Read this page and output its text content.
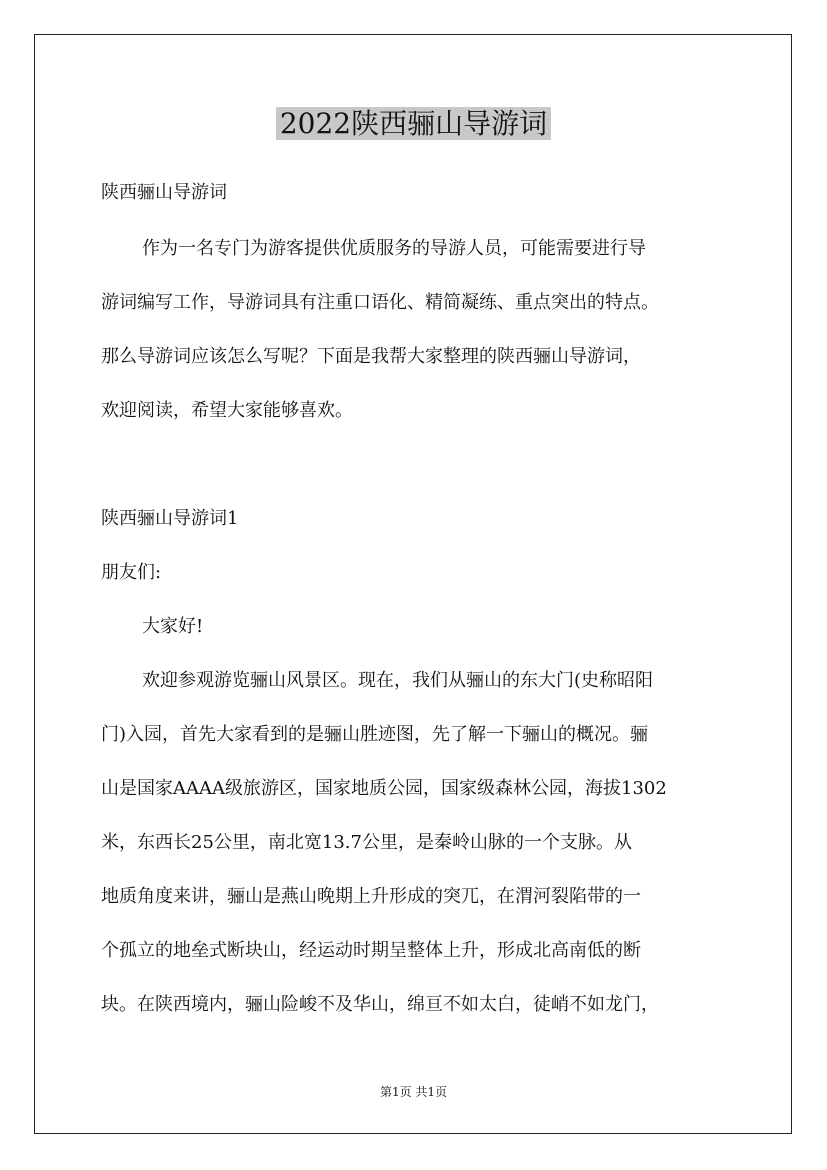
2022陕西骊山导游词
陕西骊山导游词
作为一名专门为游客提供优质服务的导游人员，可能需要进行导
游词编写工作，导游词具有注重口语化、精简凝练、重点突出的特点。
那么导游词应该怎么写呢？下面是我帮大家整理的陕西骊山导游词，
欢迎阅读，希望大家能够喜欢。
陕西骊山导游词1
朋友们:
大家好!
欢迎参观游览骊山风景区。现在，我们从骊山的东大门(史称昭阳
门)入园，首先大家看到的是骊山胜迹图，先了解一下骊山的概况。骊
山是国家AAAA级旅游区，国家地质公园，国家级森林公园，海拔1302
米，东西长25公里，南北宽13.7公里，是秦岭山脉的一个支脉。从
地质角度来讲，骊山是燕山晚期上升形成的突兀，在渭河裂陷带的一
个孤立的地垒式断块山，经运动时期呈整体上升，形成北高南低的断
块。在陕西境内，骊山险峻不及华山，绵亘不如太白，徒峭不如龙门，
第1页 共1页
